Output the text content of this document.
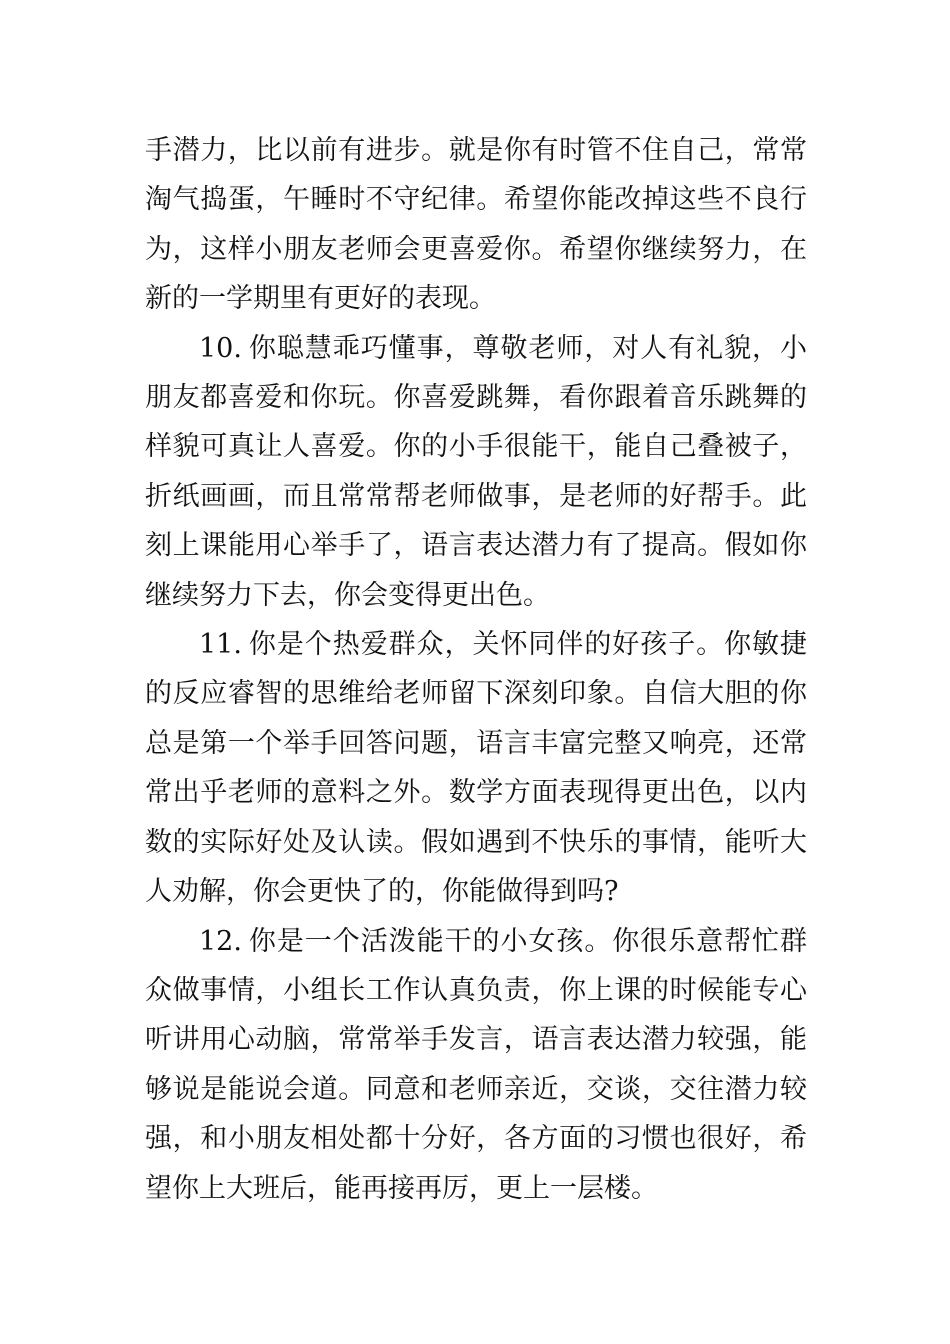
手潜力，比以前有进步。就是你有时管不住自己，常常淘气捣蛋，午睡时不守纪律。希望你能改掉这些不良行为，这样小朋友老师会更喜爱你。希望你继续努力，在新的一学期里有更好的表现。

10. 你聪慧乖巧懂事，尊敬老师，对人有礼貌，小朋友都喜爱和你玩。你喜爱跳舞，看你跟着音乐跳舞的样貌可真让人喜爱。你的小手很能干，能自己叠被子，折纸画画，而且常常帮老师做事，是老师的好帮手。此刻上课能用心举手了，语言表达潜力有了提高。假如你继续努力下去，你会变得更出色。

11. 你是个热爱群众，关怀同伴的好孩子。你敏捷的反应睿智的思维给老师留下深刻印象。自信大胆的你总是第一个举手回答问题，语言丰富完整又响亮，还常常出乎老师的意料之外。数学方面表现得更出色，以内数的实际好处及认读。假如遇到不快乐的事情，能听大人劝解，你会更快了的，你能做得到吗?

12. 你是一个活泼能干的小女孩。你很乐意帮忙群众做事情，小组长工作认真负责，你上课的时候能专心听讲用心动脑，常常举手发言，语言表达潜力较强，能够说是能说会道。同意和老师亲近，交谈，交往潜力较强，和小朋友相处都十分好，各方面的习惯也很好，希望你上大班后，能再接再厉，更上一层楼。
